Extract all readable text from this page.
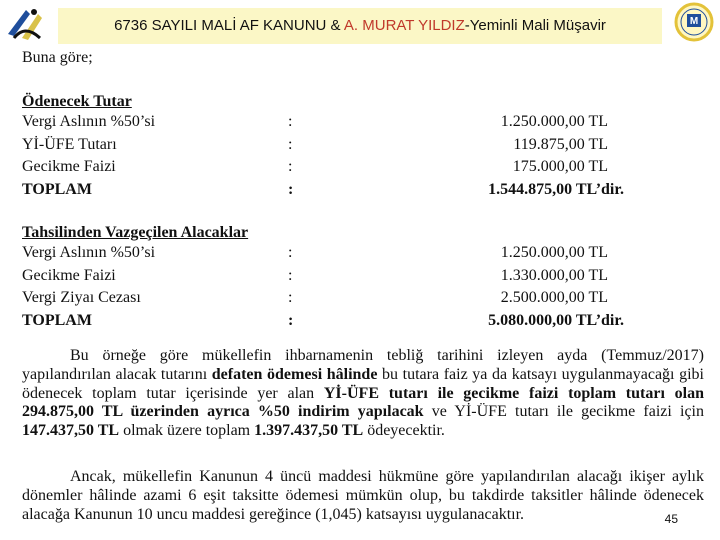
6736 SAYILI MALİ AF KANUNU & A. MURAT YILDIZ-Yeminli Mali Müşavir	M
Buna göre;
Ödenecek Tutar
Vergi Aslının %50’si	:	1.250.000,00 TL
Yİ-ÜFE Tutarı	:	119.875,00 TL
Gecikme Faizi	:	175.000,00 TL
TOPLAM	:	1.544.875,00 TL’dir.
Tahsilinden Vazgeçilen Alacaklar
Vergi Aslının %50’si	:	1.250.000,00 TL
Gecikme Faizi	:	1.330.000,00 TL
Vergi Ziyaı Cezası	:	2.500.000,00 TL
TOPLAM	:	5.080.000,00 TL’dir.
Bu örneğe göre mükellefin ihbarnamenin tebliğ tarihini izleyen ayda (Temmuz/2017) yapılandırılan alacak tutarını defaten ödemesi hâlinde bu tutara faiz ya da katsayı uygulanmayacağı gibi ödenecek toplam tutar içerisinde yer alan Yİ-ÜFE tutarı ile gecikme faizi toplam tutarı olan 294.875,00 TL üzerinden ayrıca %50 indirim yapılacak ve Yİ-ÜFE tutarı ile gecikme faizi için 147.437,50 TL olmak üzere toplam 1.397.437,50 TL ödeyecektir.
Ancak, mükellefin Kanunun 4 üncü maddesi hükmüne göre yapılandırılan alacağı ikişer aylık dönemler hâlinde azami 6 eşit taksitte ödemesi mümkün olup, bu takdirde taksitler hâlinde ödenecek alacağa Kanunun 10 uncu maddesi gereğince (1,045) katsayısı uygulanacaktır.	45
